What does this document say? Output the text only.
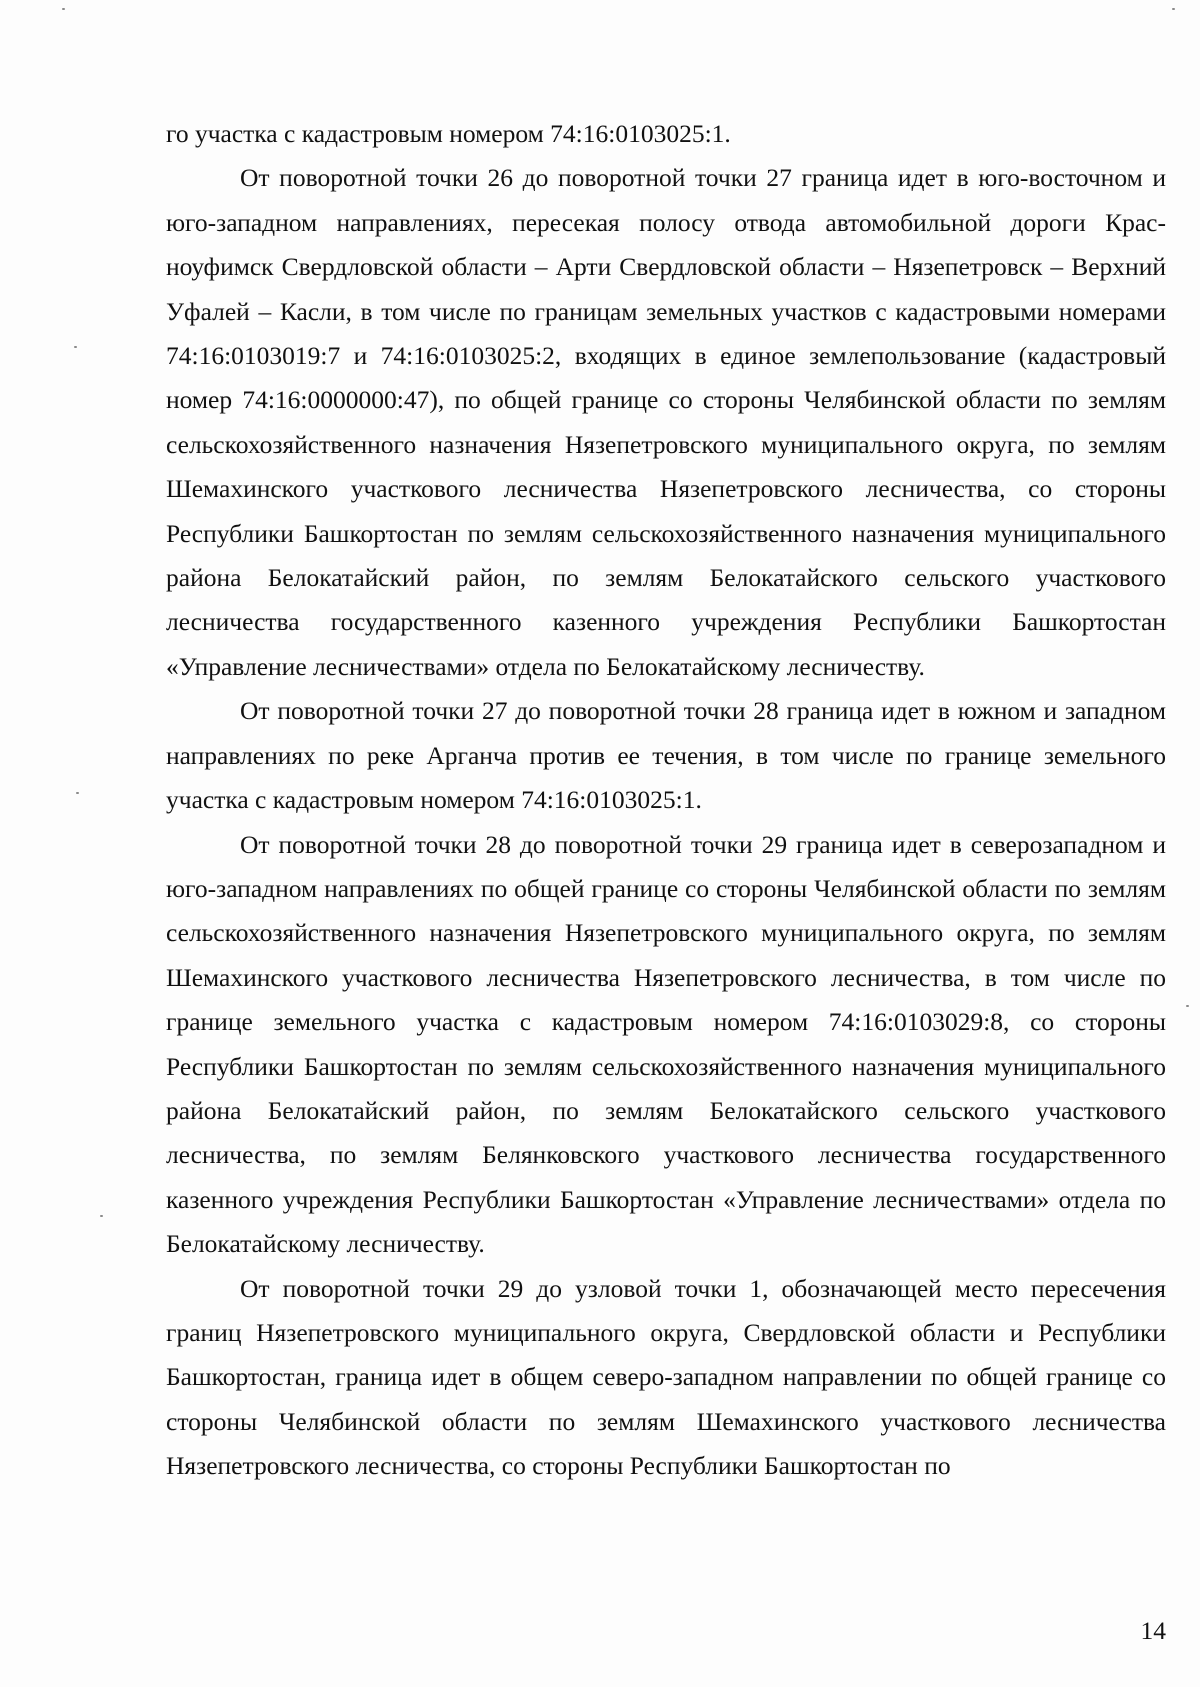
го участка с кадастровым номером 74:16:0103025:1.

От поворотной точки 26 до поворотной точки 27 граница идет в юго-восточном и юго-западном направлениях, пересекая полосу отвода автомобильной дороги Красноуфимск Свердловской области – Арти Свердловской области – Нязепетровск – Верхний Уфалей – Касли, в том числе по границам земельных участков с кадастровыми номерами 74:16:0103019:7 и 74:16:0103025:2, входящих в единое землепользование (кадастровый номер 74:16:0000000:47), по общей границе со стороны Челябинской области по землям сельскохозяйственного назначения Нязепетровского муниципального округа, по землям Шемахинского участкового лесничества Нязепетровского лесничества, со стороны Республики Башкортостан по землям сельскохозяйственного назначения муниципального района Белокатайский район, по землям Белокатайского сельского участкового лесничества государственного казенного учреждения Республики Башкортостан «Управление лесничествами» отдела по Белокатайскому лесничеству.

От поворотной точки 27 до поворотной точки 28 граница идет в южном и западном направлениях по реке Арганча против ее течения, в том числе по границе земельного участка с кадастровым номером 74:16:0103025:1.

От поворотной точки 28 до поворотной точки 29 граница идет в северозападном и юго-западном направлениях по общей границе со стороны Челябинской области по землям сельскохозяйственного назначения Нязепетровского муниципального округа, по землям Шемахинского участкового лесничества Нязепетровского лесничества, в том числе по границе земельного участка с кадастровым номером 74:16:0103029:8, со стороны Республики Башкортостан по землям сельскохозяйственного назначения муниципального района Белокатайский район, по землям Белокатайского сельского участкового лесничества, по землям Белянковского участкового лесничества государственного казенного учреждения Республики Башкортостан «Управление лесничествами» отдела по Белокатайскому лесничеству.

От поворотной точки 29 до узловой точки 1, обозначающей место пересечения границ Нязепетровского муниципального округа, Свердловской области и Республики Башкортостан, граница идет в общем северо-западном направлении по общей границе со стороны Челябинской области по землям Шемахинского участкового лесничества Нязепетровского лесничества, со стороны Республики Башкортостан по

14
